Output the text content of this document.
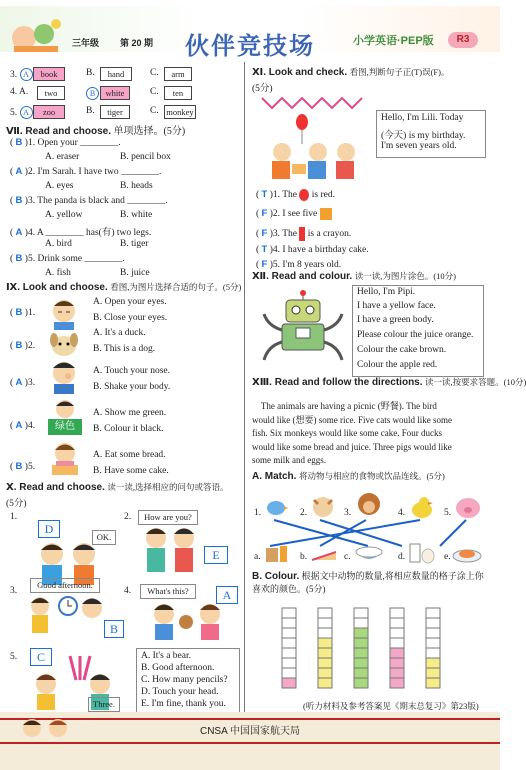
三年级 第 20 期 伙伴竞技场	小学英语·PEP版	R3
3. A	book	B.	hand	C.	arm
4. A.	two	B	white	C.	ten
5. A	zoo	B.	tiger	C. monkey
Ⅶ. Read and choose. 单项选择。(5分)
( B )1. Open your ________.
A. eraser	B. pencil box
( A )2. I'm Sarah. I have two ________.
A. eyes	B. heads
( B )3. The panda is black and ________.
A. yellow	B. white
( A )4. A ________ has(有) two legs.
A. bird	B. tiger
( B )5. Drink some ________.
A. fish	B. juice
Ⅸ. Look and choose. 看图,为图片选择合适的句子。(5分)
( B )1.
A. Open your eyes.
B. Close your eyes.
( B )2.
A. It's a duck.
B. This is a dog.
( A )3.
A. Touch your nose.
B. Shake your body.
( A )4.	绿色
A. Show me green.
B. Colour it black.
( B )5.
A. Eat some bread.
B. Have some cake.
Ⅹ. Read and choose. 读一读,选择相应的问句或答语。
(5分)
1.
D
OK.
2.	How are you?
E
3.
Good afternoon.
B
4.	What's this?	A
5.	C
Three.
A. It's a bear.
B. Good afternoon.
C. How many pencils?
D. Touch your head.
E. I'm fine, thank you.
Ⅺ. Look and check. 看图,判断句子正(T)误(F)。
(5分)
Hello, I'm Lili. Today
(今天) is my birthday.
I'm seven years old.
( T )1. The is red.
( F )2. I see five
( F )3. The is a crayon.
( T )4. I have a birthday cake.
( F )5. I'm 8 years old.
Ⅻ. Read and colour. 读一读,为图片涂色。(10分)
Hello, I'm Pipi.
I have a yellow face.
I have a green body.
Please colour the juice orange.
Colour the cake brown.
Colour the apple red.
ⅩⅢ. Read and follow the directions. 读一读,按要求答题。(10分)
The animals are having a picnic (野餐). The bird
would like (想要) some rice. Five cats would like some
fish. Six monkeys would like some cake. Four ducks
would like some bread and juice. Three pigs would like
some milk and eggs.
A. Match. 将动物与相应的食物或饮品连线。(5分)
1.	2.	3.	4.	5.
a.	b.	c.	d.	e.
B. Colour. 根据文中动物的数量,将相应数量的格子涂上你喜欢的颜色。(5分)
(听力材料及参考答案见《期末总复习》第23版)
CNSA 中国国家航天局
